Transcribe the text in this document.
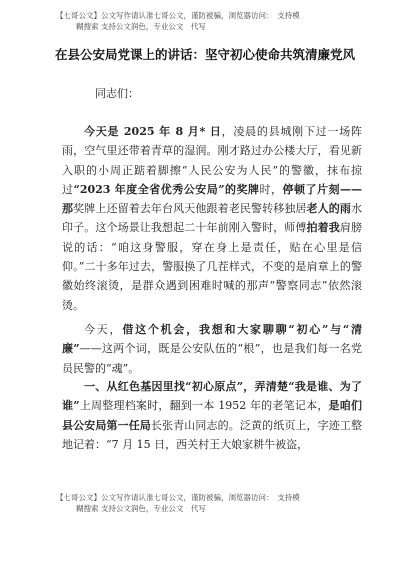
【七哥公文】公文写作请认准七哥公文，谨防被骗，浏览器访问：　支持模
糊搜索 支持公文润色，专业公文　代写
在县公安局党课上的讲话：坚守初心使命共筑清廉党风
同志们：
今天是 2025 年 8 月* 日，凌晨的县城刚下过一场阵雨，空气里还带着青草的湿润。刚才路过办公楼大厅，看见新入职的小周正踮着脚擦“人民公安为人民”的警徽，抹布掠过“2023 年度全省优秀公安局”的奖牌时，停顿了片刻——那奖牌上还留着去年台风天他跟着老民警转移独居老人的雨水印子。这个场景让我想起二十年前刚入警时，师傅拍着我肩膀说的话：“咱这身警服，穿在身上是责任，贴在心里是信仰。”二十多年过去，警服换了几茬样式，不变的是肩章上的警徽始终滚烫，是群众遇到困难时喊的那声“警察同志”依然滚烫。
今天，借这个机会，我想和大家聊聊“初心”与“清廉”——这两个词，既是公安队伍的“根”，也是我们每一名党　员民警的“魂”。
一、从红色基因里找“初心原点”，弄清楚“我是谁、为了谁”上周整理档案时，翻到一本 1952 年的老笔记本，是咱们县公安局第一任局长张青山同志的。泛黄的纸页上，字迹工整地记着：“7 月 15 日，西关村王大娘家耕牛被盗，
【七哥公文】公文写作请认准七哥公文，谨防被骗，浏览器访问：　支持模
糊搜索 支持公文润色，专业公文　代写
